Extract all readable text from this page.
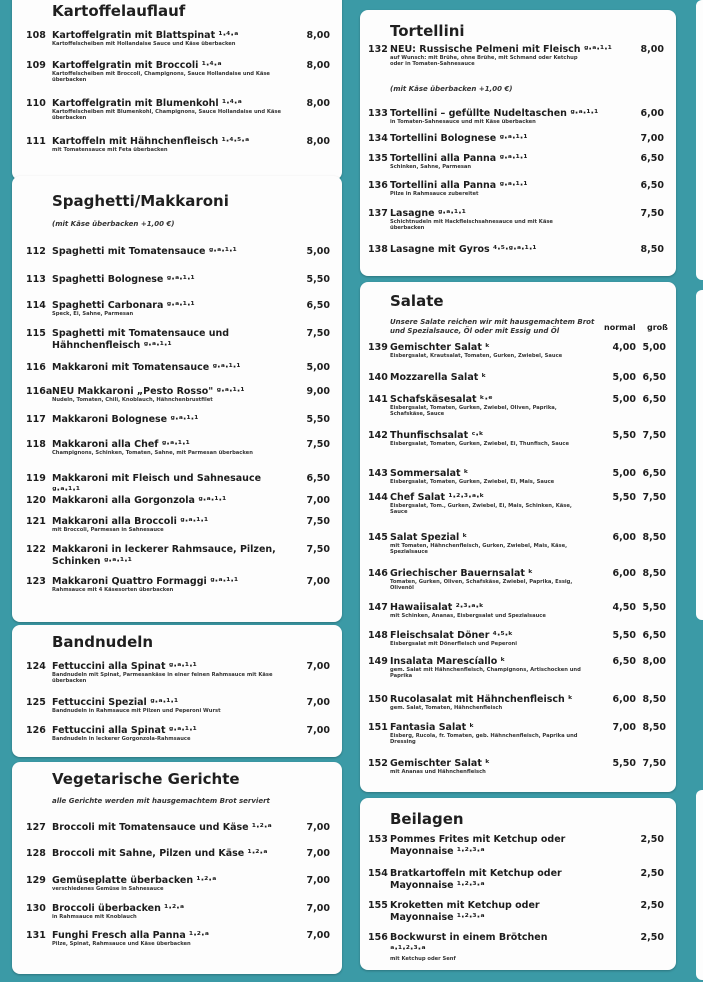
Kartoffelauflauf
108 Kartoffelgratin mit Blattspinat ¹·⁴·ᵃ
Kartoffelscheiben mit Hollandaise Sauce und Käse überbacken
8,00
109 Kartoffelgratin mit Broccoli ¹·⁴·ᵃ
Kartoffelscheiben mit Broccoli, Champignons, Sauce Hollandaise und Käse überbacken
8,00
110 Kartoffelgratin mit Blumenkohl ¹·⁴·ᵃ
Kartoffelscheiben mit Blumenkohl, Champignons, Sauce Hollandaise und Käse überbacken
8,00
111 Kartoffeln mit Hähnchenfleisch ¹·⁴·⁵·ᵃ
mit Tomatensauce mit Feta überbacken
8,00
Spaghetti/Makkaroni
(mit Käse überbacken +1,00 €)
112 Spaghetti mit Tomatensauce ᵍ·ᵃ·¹·¹	5,00
113 Spaghetti Bolognese ᵍ·ᵃ·¹·¹	5,50
114 Spaghetti Carbonara ᵍ·ᵃ·¹·¹
Speck, Ei, Sahne, Parmesan
6,50
115 Spaghetti mit Tomatensauce und Hähnchenfleisch ᵍ·ᵃ·¹·¹
7,50
116 Makkaroni mit Tomatensauce ᵍ·ᵃ·¹·¹	5,00
116a NEU Makkaroni „Pesto Rosso" ᵍ·ᵃ·¹·¹
Nudeln, Tomaten, Chili, Knoblauch, Hähnchenbrustfilet
9,00
117 Makkaroni Bolognese ᵍ·ᵃ·¹·¹	5,50
118 Makkaroni alla Chef ᵍ·ᵃ·¹·¹
Champignons, Schinken, Tomaten, Sahne, mit Parmesan überbacken
7,50
119 Makkaroni mit Fleisch und Sahnesauce ᵍ·ᵃ·¹·¹
6,50
120 Makkaroni alla Gorgonzola ᵍ·ᵃ·¹·¹	7,00
121 Makkaroni alla Broccoli ᵍ·ᵃ·¹·¹
mit Broccoli, Parmesan in Sahnesauce
7,50
122 Makkaroni in leckerer Rahmsauce, Pilzen, Schinken ᵍ·ᵃ·¹·¹
7,50
123 Makkaroni Quattro Formaggi ᵍ·ᵃ·¹·¹
Rahmsauce mit 4 Käsesorten überbacken
7,00
Bandnudeln
124 Fettuccini alla Spinat ᵍ·ᵃ·¹·¹
Bandnudeln mit Spinat, Parmesankäse in einer feinen Rahmsauce mit Käse überbacken
7,00
125 Fettuccini Spezial ᵍ·ᵃ·¹·¹
Bandnudeln in Rahmsauce mit Pilzen und Peperoni Wurst
7,00
126 Fettuccini alla Spinat ᵍ·ᵃ·¹·¹
Bandnudeln in leckerer Gorgonzola-Rahmsauce
7,00
Vegetarische Gerichte
alle Gerichte werden mit hausgemachtem Brot serviert
127 Broccoli mit Tomatensauce und Käse ¹·²·ᵃ	7,00
128 Broccoli mit Sahne, Pilzen und Käse ¹·²·ᵃ	7,00
129 Gemüseplatte überbacken ¹·²·ᵃ
verschiedenes Gemüse in Sahnesauce
7,00
130 Broccoli überbacken ¹·²·ᵃ
in Rahmsauce mit Knoblauch
7,00
131 Funghi Fresch alla Panna ¹·²·ᵃ
Pilze, Spinat, Rahmsauce und Käse überbacken
7,00
Tortellini
(mit Käse überbacken +1,00 €)
132 NEU: Russische Pelmeni mit Fleisch ᵍ·ᵃ·¹·¹
auf Wunsch: mit Brühe, ohne Brühe, mit Schmand oder Ketchup oder in Tomaten-Sahnesauce
8,00
133 Tortellini – gefüllte Nudeltaschen ᵍ·ᵃ·¹·¹
in Tomaten-Sahnesauce und mit Käse überbacken
6,00
134 Tortellini Bolognese ᵍ·ᵃ·¹·¹	7,00
135 Tortellini alla Panna ᵍ·ᵃ·¹·¹
Schinken, Sahne, Parmesan
6,50
136 Tortellini alla Panna ᵍ·ᵃ·¹·¹
Pilze in Rahmsauce zubereitet
6,50
137 Lasagne ᵍ·ᵃ·¹·¹
Schichtnudeln mit Hackfleischsahnesauce und mit Käse überbacken
7,50
138 Lasagne mit Gyros ⁴·⁵·ᵍ·ᵃ·¹·¹	8,50
Salate
Unsere Salate reichen wir mit hausgemachtem Brot und Spezialsauce, Öl oder mit Essig und Öl	normal groß
139 Gemischter Salat ᵏ
Eisbergsalat, Krautsalat, Tomaten, Gurken, Zwiebel, Sauce
4,00 5,00
140 Mozzarella Salat ᵏ	5,00 6,50
141 Schafskäsesalat ᵏ·ᵉ
Eisbergsalat, Tomaten, Gurken, Zwiebel, Oliven, Paprika, Schafskäse, Sauce
5,00 6,50
142 Thunfischsalat ᶜ·ᵏ
Eisbergsalat, Tomaten, Gurken, Zwiebel, Ei, Thunfisch, Sauce
5,50 7,50
143 Sommersalat ᵏ
Eisbergsalat, Tomaten, Gurken, Zwiebel, Ei, Mais, Sauce
5,00 6,50
144 Chef Salat ¹·²·³·ᵃ·ᵏ
Eisbergsalat, Tom., Gurken, Zwiebel, Ei, Mais, Schinken, Käse, Sauce
5,50 7,50
145 Salat Spezial ᵏ
mit Tomaten, Hähnchenfleisch, Gurken, Zwiebel, Mais, Käse, Spezialsauce
6,00 8,50
146 Griechischer Bauernsalat ᵏ
Tomaten, Gurken, Oliven, Schafskäse, Zwiebel, Paprika, Essig, Olivenöl
6,00 8,50
147 Hawaiisalat ²·³·ᵃ·ᵏ
mit Schinken, Ananas, Eisbergsalat und Spezialsauce
4,50 5,50
148 Fleischsalat Döner ⁴·⁵·ᵏ
Eisbergsalat mit Dönerfleisch und Peperoni
5,50 6,50
149 Insalata Marescíallo ᵏ
gem. Salat mit Hähnchenfleisch, Champignons, Artischocken und Paprika
6,50 8,00
150 Rucolasalat mit Hähnchenfleisch ᵏ
gem. Salat, Tomaten, Hähnchenfleisch
6,00 8,50
151 Fantasia Salat ᵏ
Eisberg, Rucola, fr. Tomaten, geb. Hähnchenfleisch, Paprika und Dressing
7,00 8,50
152 Gemischter Salat ᵏ
mit Ananas und Hähnchenfleisch
5,50 7,50
Beilagen
153 Pommes Frites mit Ketchup oder Mayonnaise ¹·²·³·ᵃ
2,50
154 Bratkartoffeln mit Ketchup oder Mayonnaise ¹·²·³·ᵃ
2,50
155 Kroketten mit Ketchup oder Mayonnaise ¹·²·³·ᵃ
2,50
156 Bockwurst in einem Brötchen ᵃ·¹·²·³·ᵃ
mit Ketchup oder Senf
2,50
